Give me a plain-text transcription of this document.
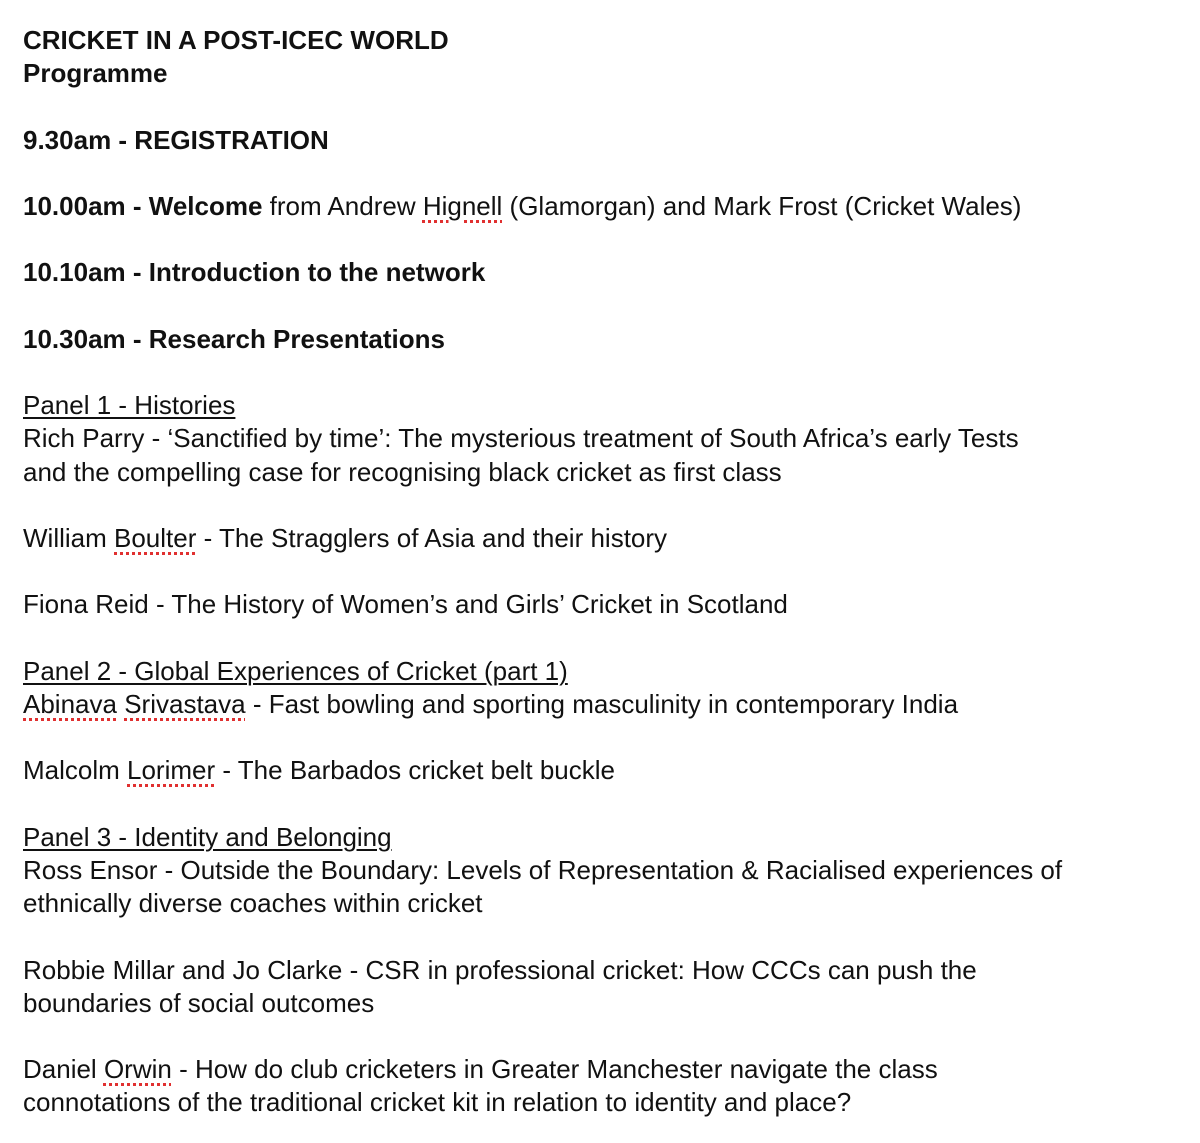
CRICKET IN A POST-ICEC WORLD
Programme
9.30am - REGISTRATION
10.00am - Welcome from Andrew Hignell (Glamorgan) and Mark Frost (Cricket Wales)
10.10am - Introduction to the network
10.30am - Research Presentations
Panel 1 - Histories
Rich Parry - ‘Sanctified by time’: The mysterious treatment of South Africa’s early Tests
and the compelling case for recognising black cricket as first class
William Boulter - The Stragglers of Asia and their history
Fiona Reid - The History of Women’s and Girls’ Cricket in Scotland
Panel 2 - Global Experiences of Cricket (part 1)
Abinava Srivastava - Fast bowling and sporting masculinity in contemporary India
Malcolm Lorimer - The Barbados cricket belt buckle
Panel 3 - Identity and Belonging
Ross Ensor - Outside the Boundary: Levels of Representation & Racialised experiences of
ethnically diverse coaches within cricket
Robbie Millar and Jo Clarke - CSR in professional cricket: How CCCs can push the
boundaries of social outcomes
Daniel Orwin - How do club cricketers in Greater Manchester navigate the class
connotations of the traditional cricket kit in relation to identity and place?
